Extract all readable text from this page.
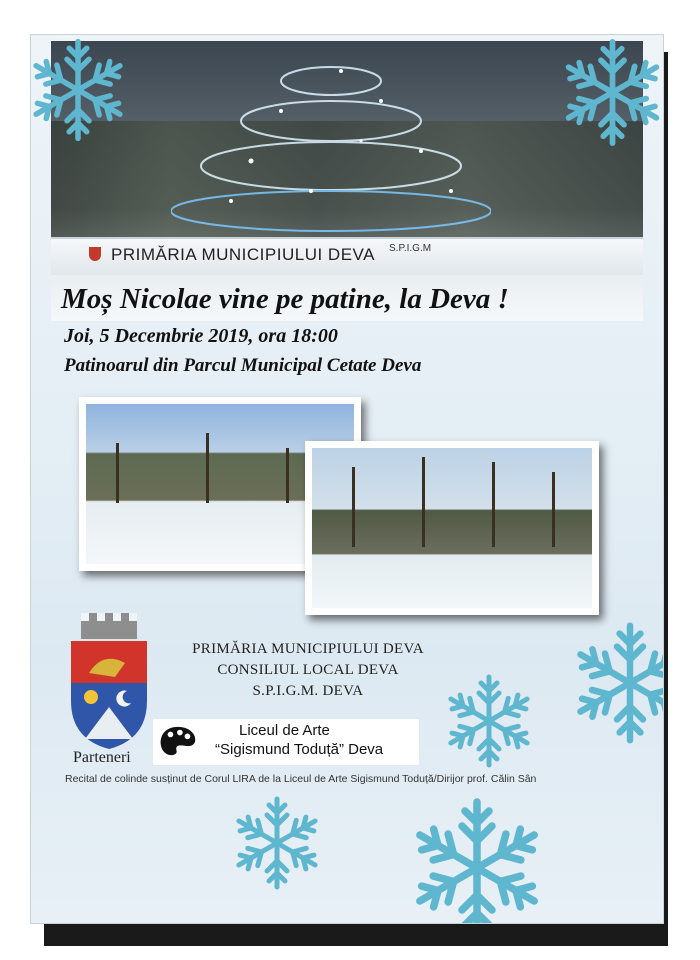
PRIMĂRIA MUNICIPIULUI DEVA S.P.I.G.M
Moș Nicolae vine pe patine, la Deva !
Joi, 5 Decembrie 2019, ora 18:00
Patinoarul din Parcul Municipal Cetate Deva
Parteneri
PRIMĂRIA MUNICIPIULUI DEVA
CONSILIUL LOCAL DEVA
S.P.I.G.M. DEVA
Liceul de Arte
“Sigismund Toduță” Deva
Recital de colinde susținut de Corul LIRA de la Liceul de Arte Sigismund Toduță/Dirijor prof. Călin Sân
